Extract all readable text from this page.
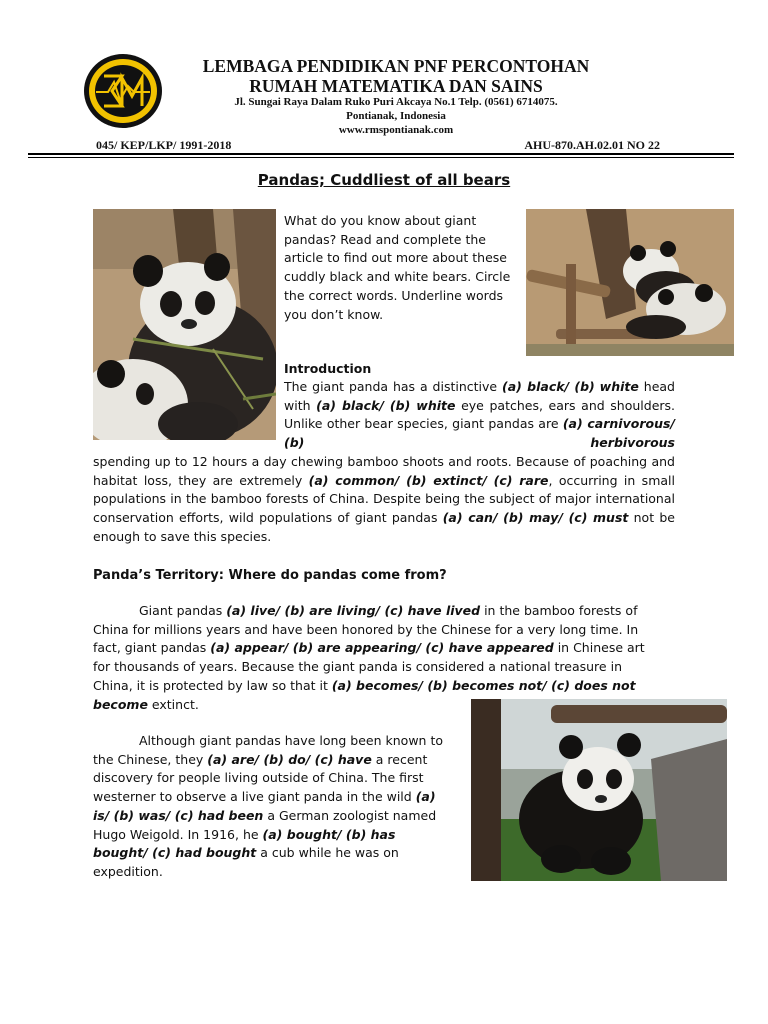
LEMBAGA PENDIDIKAN PNF PERCONTOHAN
RUMAH MATEMATIKA DAN SAINS
Jl. Sungai Raya Dalam Ruko Puri Akcaya No.1 Telp. (0561) 6714075.
Pontianak, Indonesia
www.rmspontianak.com
045/ KEP/LKP/ 1991-2018	AHU-870.AH.02.01 NO 22
Pandas; Cuddliest of all bears
What do you know about giant pandas? Read and complete the article to find out more about these cuddly black and white bears. Circle the correct words. Underline words you don’t know.
Introduction
The giant panda has a distinctive (a) black/ (b) white head with (a) black/ (b) white eye patches, ears and shoulders. Unlike other bear species, giant pandas are (a) carnivorous/ (b) herbivorous
spending up to 12 hours a day chewing bamboo shoots and roots. Because of poaching and habitat loss, they are extremely (a) common/ (b) extinct/ (c) rare, occurring in small populations in the bamboo forests of China. Despite being the subject of major international conservation efforts, wild populations of giant pandas (a) can/ (b) may/ (c) must not be enough to save this species.
Panda’s Territory: Where do pandas come from?
Giant pandas (a) live/ (b) are living/ (c) have lived in the bamboo forests of China for millions years and have been honored by the Chinese for a very long time. In fact, giant pandas (a) appear/ (b) are appearing/ (c) have appeared in Chinese art for thousands of years. Because the giant panda is considered a national treasure in China, it is protected by law so that it (a) becomes/ (b) becomes not/ (c) does not become extinct.
Although giant pandas have long been known to the Chinese, they (a) are/ (b) do/ (c) have a recent discovery for people living outside of China. The first westerner to observe a live giant panda in the wild (a) is/ (b) was/ (c) had been a German zoologist named Hugo Weigold. In 1916, he (a) bought/ (b) has bought/ (c) had bought a cub while he was on expedition.
